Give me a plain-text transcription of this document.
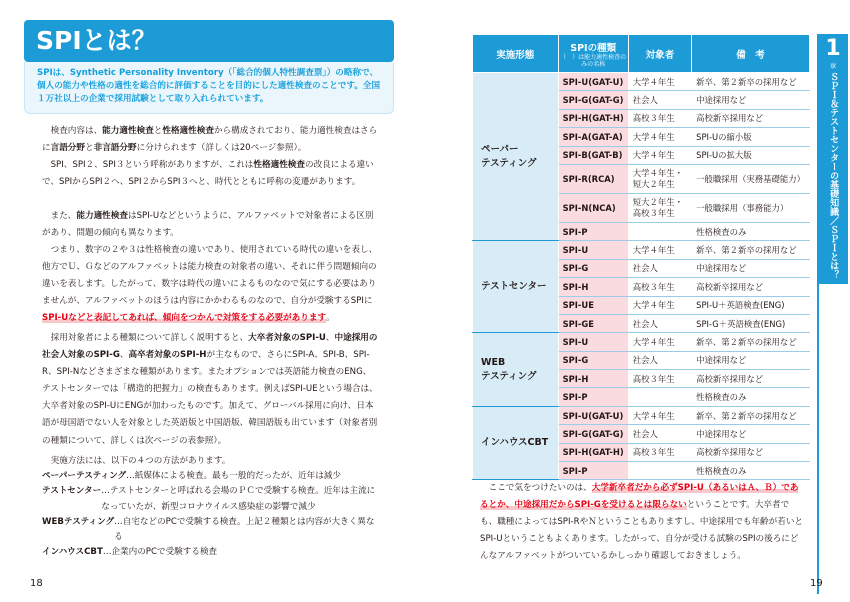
SPIとは？
SPIは、Synthetic Personality Inventory（「総合的個人特性調査票」）の略称で、個人の能力や性格の適性を総合的に評価することを目的にした適性検査のことです。全国１万社以上の企業で採用試験として取り入れられています。
検査内容は、能力適性検査と性格適性検査から構成されており、能力適性検査はさらに言語分野と非言語分野に分けられます（詳しくは20ページ参照）。
SPI、SPI２、SPI３という呼称がありますが、これは性格適性検査の改良による違いで、SPIからSPI２へ、SPI２からSPI３へと、時代とともに呼称の変遷があります。
また、能力適性検査はSPI-Uなどというように、アルファベットで対象者による区別があり、問題の傾向も異なります。
つまり、数字の２や３は性格検査の違いであり、使用されている時代の違いを表し、他方でＵ、Ｇなどのアルファベットは能力検査の対象者の違い、それに伴う問題傾向の違いを表します。したがって、数字は時代の違いによるものなので気にする必要はありませんが、アルファベットのほうは内容にかかわるものなので、自分が受験するSPIにSPI-Uなどと表記してあれば、傾向をつかんで対策をする必要があります。
採用対象者による種類について詳しく説明すると、大卒者対象のSPI-U、中途採用の社会人対象のSPI-G、高卒者対象のSPI-Hが主なもので、さらにSPI-A、SPI-B、SPI-R、SPI-Nなどさまざまな種類があります。またオプションでは英語能力検査のENG、テストセンターでは「構造的把握力」の検査もあります。例えばSPI-UEという場合は、大卒者対象のSPI-UにENGが加わったものです。加えて、グローバル採用に向け、日本語が母国語でない人を対象とした英語版と中国語版、韓国語版も出ています（対象者別の種類について、詳しくは次ページの表参照）。
実施方法には、以下の４つの方法があります。
ペーパーテスティング …紙媒体による検査。最も一般的だったが、近年は減少
テストセンター …テストセンターと呼ばれる会場のＰＣで受験する検査。近年は主流になっていたが、新型コロナウイルス感染症の影響で減少
WEBテスティング …自宅などのPCで受験する検査。上記２種類とは内容が大きく異なる
インハウスCBT …企業内のPCで受験する検査
18
実施形態	SPIの種類
（　）は能力適性検査のみの名称	対象者	備　考
ペーパー
テスティング	SPI-U(GAT-U)	大学４年生	新卒、第２新卒の採用など
	SPI-G(GAT-G)	社会人	中途採用など
	SPI-H(GAT-H)	高校３年生	高校新卒採用など
	SPI-A(GAT-A)	大学４年生	SPI-Uの縮小版
	SPI-B(GAT-B)	大学４年生	SPI-Uの拡大版
	SPI-R(RCA)	大学４年生・短大２年生	一般職採用（実務基礎能力）
	SPI-N(NCA)	短大２年生・高校３年生	一般職採用（事務能力）
	SPI-P		性格検査のみ
テストセンター	SPI-U	大学４年生	新卒、第２新卒の採用など
	SPI-G	社会人	中途採用など
	SPI-H	高校３年生	高校新卒採用など
	SPI-UE	大学４年生	SPI-U＋英語検査(ENG)
	SPI-GE	社会人	SPI-G＋英語検査(ENG)
WEB
テスティング	SPI-U	大学４年生	新卒、第２新卒の採用など
	SPI-G	社会人	中途採用など
	SPI-H	高校３年生	高校新卒採用など
	SPI-P		性格検査のみ
インハウスCBT	SPI-U(GAT-U)	大学４年生	新卒、第２新卒の採用など
	SPI-G(GAT-G)	社会人	中途採用など
	SPI-H(GAT-H)	高校３年生	高校新卒採用など
	SPI-P		性格検査のみ
1
章
ＳＰＩ＆テストセンターの基礎知識／ＳＰＩとは？
ここで気をつけたいのは、大学新卒者だから必ずSPI-U（あるいはＡ、Ｂ）であるとか、中途採用だからSPI-Gを受けるとは限らないということです。大卒者でも、職種によってはSPI-RやＮということもありますし、中途採用でも年齢が若いとSPI-Uということもよくあります。したがって、自分が受ける試験のSPIの後ろにどんなアルファベットがついているかしっかり確認しておきましょう。
19
